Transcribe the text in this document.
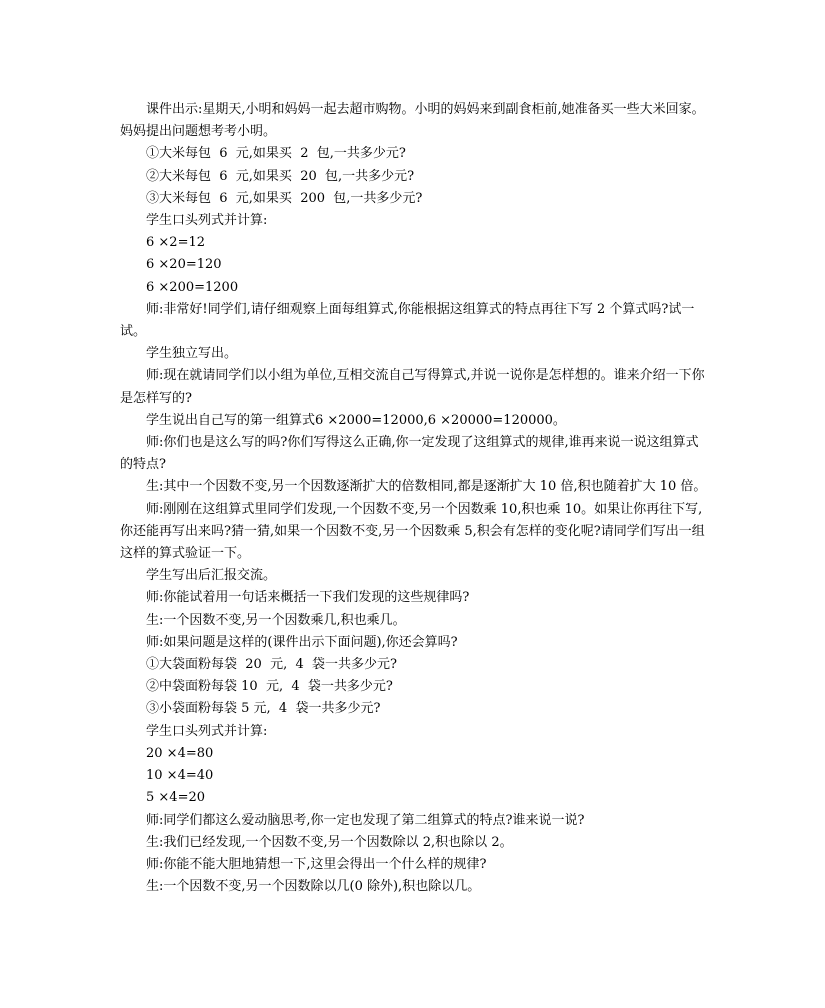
课件出示:星期天,小明和妈妈一起去超市购物。小明的妈妈来到副食柜前,她准备买一些大米回家。妈妈提出问题想考考小明。

①大米每包  6  元,如果买  2  包,一共多少元?

②大米每包  6  元,如果买  20  包,一共多少元?

③大米每包  6  元,如果买  200  包,一共多少元?

学生口头列式并计算:

6 ×2=12

6 ×20=120

6 ×200=1200

师:非常好!同学们,请仔细观察上面每组算式,你能根据这组算式的特点再往下写 2 个算式吗?试一试。

学生独立写出。

师:现在就请同学们以小组为单位,互相交流自己写得算式,并说一说你是怎样想的。谁来介绍一下你是怎样写的?

学生说出自己写的第一组算式6 ×2000=12000,6 ×20000=120000。

师:你们也是这么写的吗?你们写得这么正确,你一定发现了这组算式的规律,谁再来说一说这组算式的特点?

生:其中一个因数不变,另一个因数逐渐扩大的倍数相同,都是逐渐扩大 10 倍,积也随着扩大 10 倍。

师:刚刚在这组算式里同学们发现,一个因数不变,另一个因数乘 10,积也乘 10。如果让你再往下写,你还能再写出来吗?猜一猜,如果一个因数不变,另一个因数乘 5,积会有怎样的变化呢?请同学们写出一组这样的算式验证一下。

学生写出后汇报交流。

师:你能试着用一句话来概括一下我们发现的这些规律吗?

生:一个因数不变,另一个因数乘几,积也乘几。

师:如果问题是这样的(课件出示下面问题),你还会算吗?

①大袋面粉每袋  20  元,  4  袋一共多少元?

②中袋面粉每袋 10  元,  4  袋一共多少元?

③小袋面粉每袋 5 元,  4  袋一共多少元?

学生口头列式并计算:

20 ×4=80

10 ×4=40

5 ×4=20

师:同学们都这么爱动脑思考,你一定也发现了第二组算式的特点?谁来说一说?

生:我们已经发现,一个因数不变,另一个因数除以 2,积也除以 2。

师:你能不能大胆地猜想一下,这里会得出一个什么样的规律?

生:一个因数不变,另一个因数除以几(0 除外),积也除以几。
